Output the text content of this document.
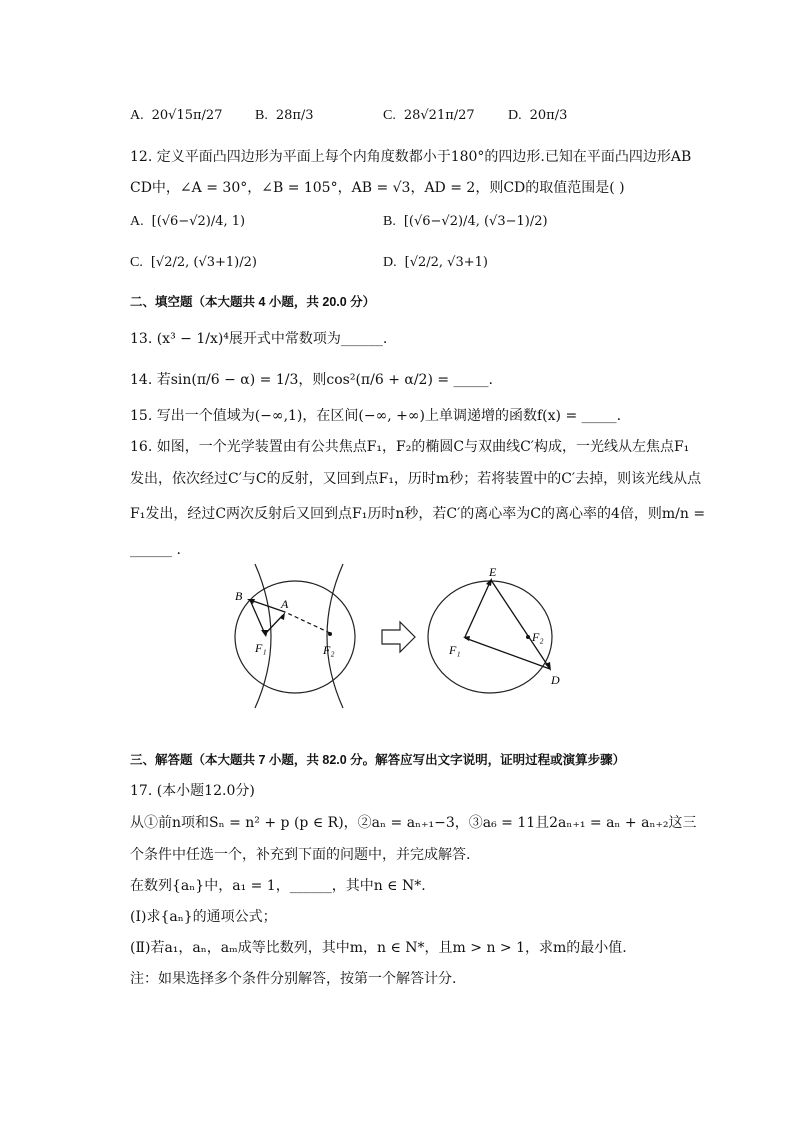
A. 20√15π/27 B. 28π/3	C. 28√21π/27 D. 20π/3
12. 定义平面凸四边形为平面上每个内角度数都小于180°的四边形.已知在平面凸四边形AB
CD中，∠A = 30°，∠B = 105°，AB = √3，AD = 2，则CD的取值范围是( )
A. [(√6−√2)/4, 1)	B. [(√6−√2)/4, (√3−1)/2)
C. [√2/2, (√3+1)/2)	D. [√2/2, √3+1)
二、填空题（本大题共 4 小题，共 20.0 分）
13. (x³ − 1/x)⁴展开式中常数项为______.
14. 若sin(π/6 − α) = 1/3，则cos²(π/6 + α/2) = _____.
15. 写出一个值域为(−∞,1)，在区间(−∞, +∞)上单调递增的函数f(x) = _____.
16. 如图，一个光学装置由有公共焦点F₁，F₂的椭圆C与双曲线C′构成，一光线从左焦点F₁
发出，依次经过C′与C的反射，又回到点F₁，历时m秒；若将装置中的C′去掉，则该光线从点
F₁发出，经过C两次反射后又回到点F₁历时n秒，若C′的离心率为C的离心率的4倍，则m/n =
______ .
B
A
F₁	F₂
E
D
F₁
F₂
三、解答题（本大题共 7 小题，共 82.0 分。解答应写出文字说明，证明过程或演算步骤）
17. (本小题12.0分)
从①前n项和Sₙ = n² + p (p ∈ R)，②aₙ = aₙ₊₁−3，③a₆ = 11且2aₙ₊₁ = aₙ + aₙ₊₂这三
个条件中任选一个，补充到下面的问题中，并完成解答.
在数列{aₙ}中，a₁ = 1，______，其中n ∈ N*.
(Ⅰ)求{aₙ}的通项公式；
(Ⅱ)若a₁，aₙ，aₘ成等比数列，其中m，n ∈ N*，且m > n > 1，求m的最小值.
注：如果选择多个条件分别解答，按第一个解答计分.
